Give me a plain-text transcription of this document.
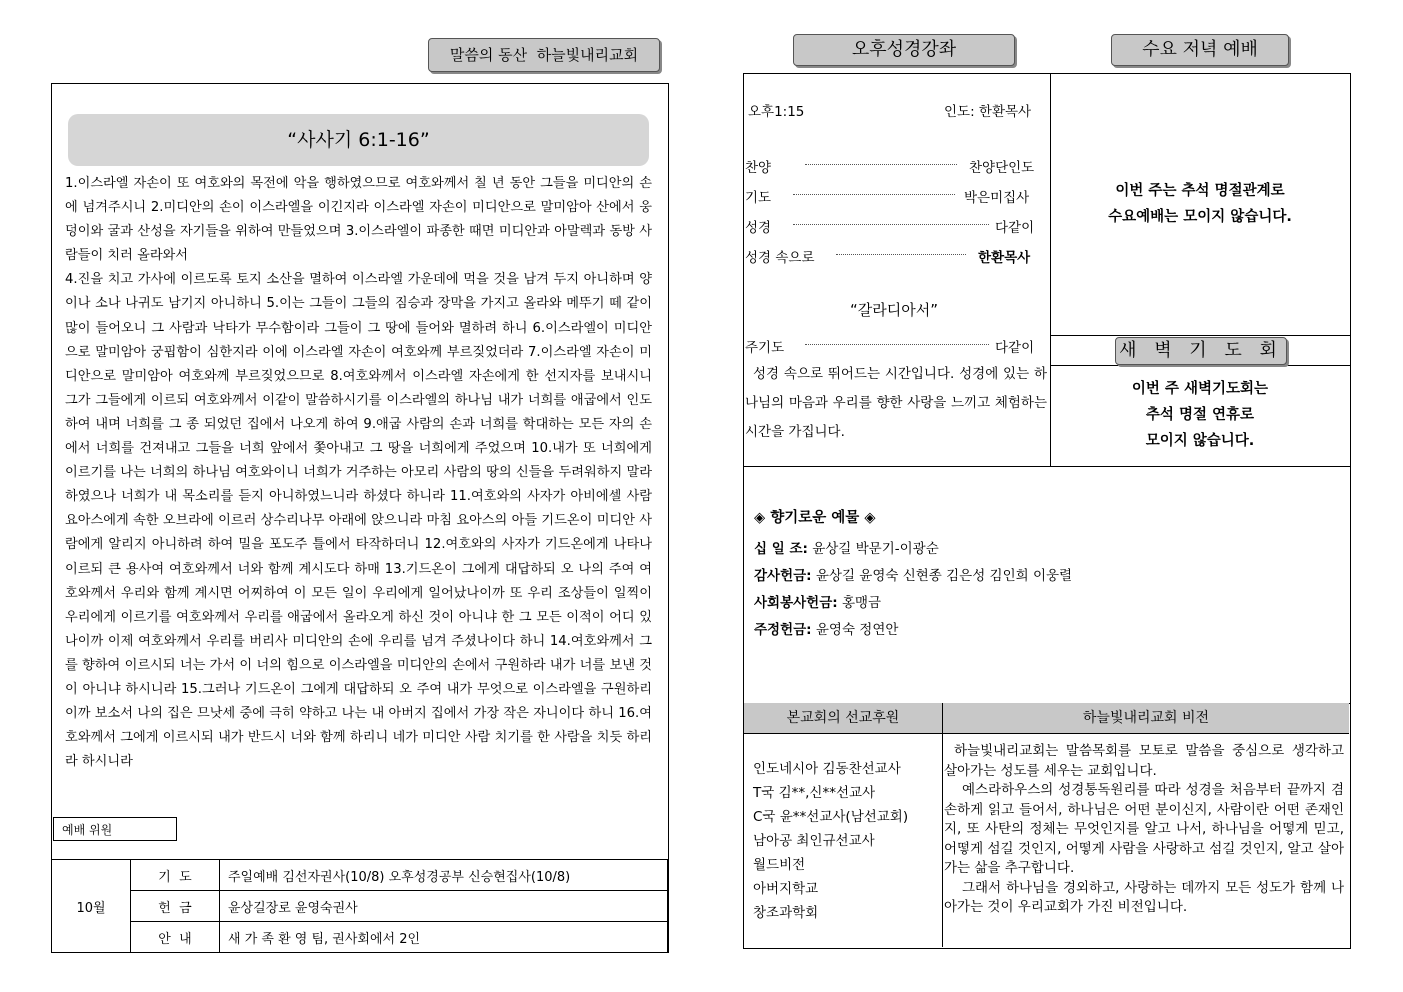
말씀의 동산  하늘빛내리교회
“사사기 6:1-16”

1.이스라엘 자손이 또 여호와의 목전에 악을 행하였으므로 여호와께서 칠 년 동안 그들을 미디안의 손에 넘겨주시니 2.미디안의 손이 이스라엘을 이긴지라 이스라엘 자손이 미디안으로 말미암아 산에서 웅덩이와 굴과 산성을 자기들을 위하여 만들었으며 3.이스라엘이 파종한 때면 미디안과 아말렉과 동방 사람들이 치러 올라와서

4.진을 치고 가사에 이르도록 토지 소산을 멸하여 이스라엘 가운데에 먹을 것을 남겨 두지 아니하며 양이나 소나 나귀도 남기지 아니하니 5.이는 그들이 그들의 짐승과 장막을 가지고 올라와 메뚜기 떼 같이 많이 들어오니 그 사람과 낙타가 무수함이라 그들이 그 땅에 들어와 멸하려 하니 6.이스라엘이 미디안으로 말미암아 궁핍함이 심한지라 이에 이스라엘 자손이 여호와께 부르짖었더라 7.이스라엘 자손이 미디안으로 말미암아 여호와께 부르짖었으므로 8.여호와께서 이스라엘 자손에게 한 선지자를 보내시니 그가 그들에게 이르되 여호와께서 이같이 말씀하시기를 이스라엘의 하나님 내가 너희를 애굽에서 인도하여 내며 너희를 그 종 되었던 집에서 나오게 하여 9.애굽 사람의 손과 너희를 학대하는 모든 자의 손에서 너희를 건져내고 그들을 너희 앞에서 쫓아내고 그 땅을 너희에게 주었으며 10.내가 또 너희에게 이르기를 나는 너희의 하나님 여호와이니 너희가 거주하는 아모리 사람의 땅의 신들을 두려워하지 말라 하였으나 너희가 내 목소리를 듣지 아니하였느니라 하셨다 하니라 11.여호와의 사자가 아비에셀 사람 요아스에게 속한 오브라에 이르러 상수리나무 아래에 앉으니라 마침 요아스의 아들 기드온이 미디안 사람에게 알리지 아니하려 하여 밀을 포도주 틀에서 타작하더니 12.여호와의 사자가 기드온에게 나타나 이르되 큰 용사여 여호와께서 너와 함께 계시도다 하매 13.기드온이 그에게 대답하되 오 나의 주여 여호와께서 우리와 함께 계시면 어찌하여 이 모든 일이 우리에게 일어났나이까 또 우리 조상들이 일찍이 우리에게 이르기를 여호와께서 우리를 애굽에서 올라오게 하신 것이 아니냐 한 그 모든 이적이 어디 있나이까 이제 여호와께서 우리를 버리사 미디안의 손에 우리를 넘겨 주셨나이다 하니 14.여호와께서 그를 향하여 이르시되 너는 가서 이 너의 힘으로 이스라엘을 미디안의 손에서 구원하라 내가 너를 보낸 것이 아니냐 하시니라 15.그러나 기드온이 그에게 대답하되 오 주여 내가 무엇으로 이스라엘을 구원하리이까 보소서 나의 집은 므낫세 중에 극히 약하고 나는 내 아버지 집에서 가장 작은 자니이다 하니 16.여호와께서 그에게 이르시되 내가 반드시 너와 함께 하리니 네가 미디안 사람 치기를 한 사람을 치듯 하리라 하시니라

예배 위원
10월	기  도	주일예배 김선자권사(10/8) 오후성경공부 신승현집사(10/8)
	헌  금	윤상길장로 윤영숙권사
	안  내	새 가 족 환 영 팀, 권사회에서 2인
오후성경강좌	수요 저녁 예배
오후1:15	인도: 한환목사
찬양	찬양단인도
기도	박은미집사
성경	다같이
성경 속으로	한환목사
“갈라디아서”
주기도	다같이
성경 속으로 뛰어드는 시간입니다. 성경에 있는 하나님의 마음과 우리를 향한 사랑을 느끼고 체험하는 시간을 가집니다.
이번 주는 추석 명절관계로
수요예배는 모이지 않습니다.
새 벽 기 도 회
이번 주 새벽기도회는
추석 명절 연휴로
모이지 않습니다.
◈ 향기로운 예물 ◈
십 일 조: 윤상길 박문기-이광순
감사헌금: 윤상길 윤영숙 신현종 김은성 김인희 이웅렬
사회봉사헌금: 홍맹금
주정헌금: 윤영숙 정연안
본교회의 선교후원	하늘빛내리교회 비전
인도네시아 김동찬선교사
T국 김**,신**선교사
C국 윤**선교사(남선교회)
남아공 최인규선교사
월드비전
아버지학교
창조과학회
하늘빛내리교회는 말씀목회를 모토로 말씀을 중심으로 생각하고 살아가는 성도를 세우는 교회입니다.
예스라하우스의 성경통독원리를 따라 성경을 처음부터 끝까지 겸손하게 읽고 들어서, 하나님은 어떤 분이신지, 사람이란 어떤 존재인지, 또 사탄의 정체는 무엇인지를 알고 나서, 하나님을 어떻게 믿고, 어떻게 섬길 것인지, 어떻게 사람을 사랑하고 섬길 것인지, 알고 살아가는 삶을 추구합니다.
그래서 하나님을 경외하고, 사랑하는 데까지 모든 성도가 함께 나아가는 것이 우리교회가 가진 비전입니다.
